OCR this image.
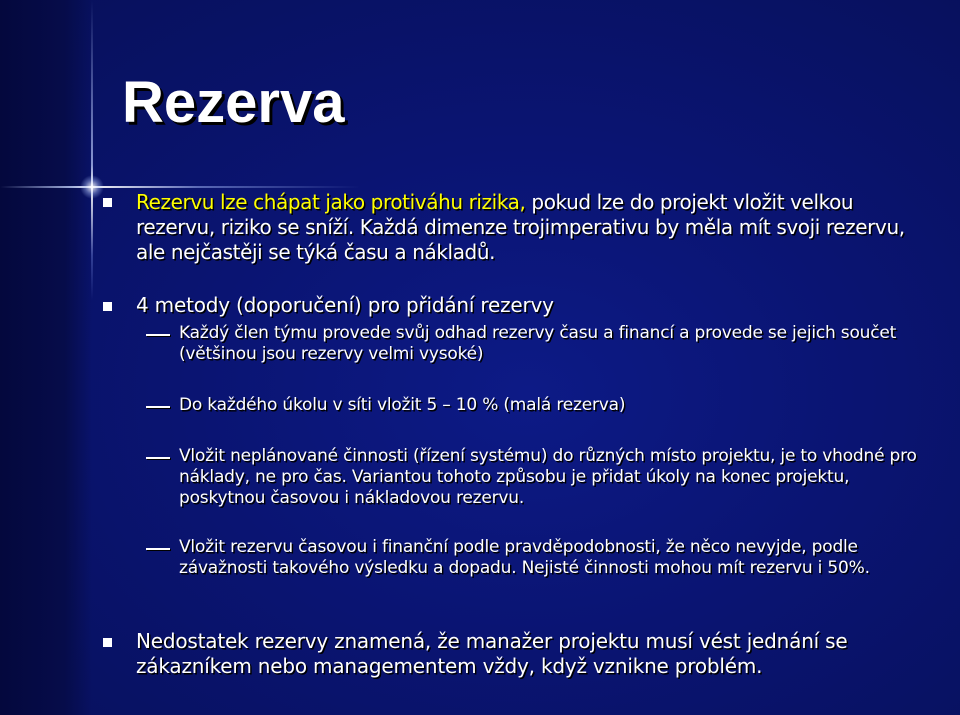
Rezerva
Rezervu lze chápat jako protiváhu rizika, pokud lze do projekt vložit velkou rezervu, riziko se sníží. Každá dimenze trojimperativu by měla mít svoji rezervu, ale nejčastěji se týká času a nákladů.
4 metody (doporučení) pro přidání rezervy
Každý člen týmu provede svůj odhad rezervy času a financí a provede se jejich součet (většinou jsou rezervy velmi vysoké)
Do každého úkolu v síti vložit 5 – 10 % (malá rezerva)
Vložit neplánované činnosti (řízení systému) do různých místo projektu, je to vhodné pro náklady, ne pro čas. Variantou tohoto způsobu je přidat úkoly na konec projektu, poskytnou časovou i nákladovou rezervu.
Vložit rezervu časovou i finanční podle pravděpodobnosti, že něco nevyjde, podle závažnosti takového výsledku a dopadu. Nejisté činnosti mohou mít rezervu i 50%.
Nedostatek rezervy znamená, že manažer projektu musí vést jednání se zákazníkem nebo managementem vždy, když vznikne problém.
